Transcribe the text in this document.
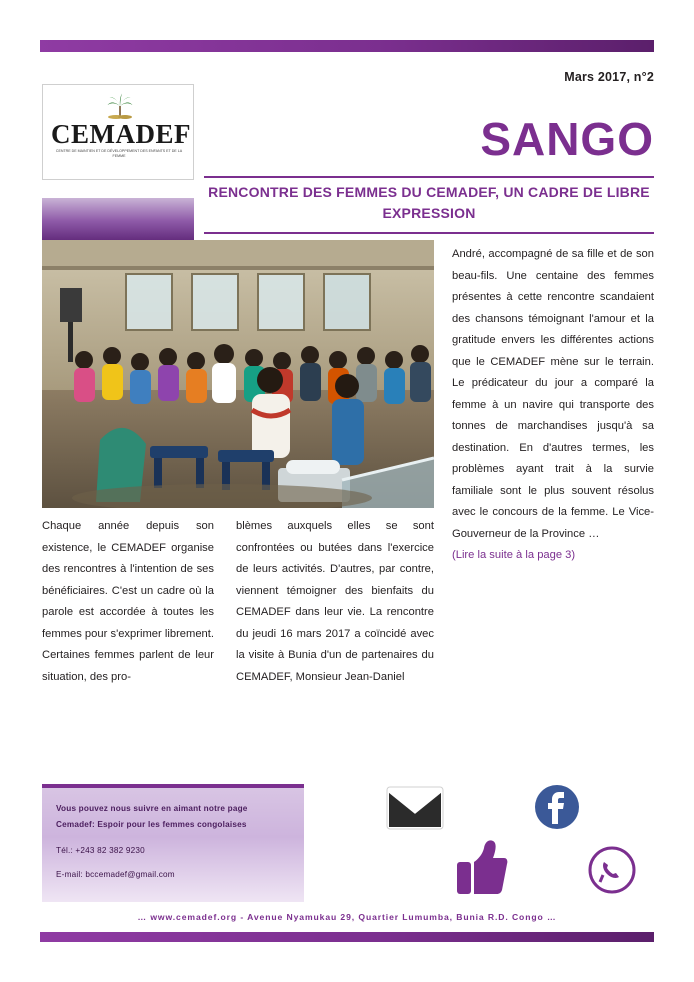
Mars 2017, n°2
CEMADEF
CENTRE DE MAINTIEN ET DE DÉVELOPPEMENT DES ENFANTS ET DE LA FEMME	SANGO
RENCONTRE DES FEMMES DU CEMADEF, UN CADRE DE LIBRE EXPRESSION
Chaque année depuis son existence, le CEMADEF organise des rencontres à l'intention de ses bénéficiaires. C'est un cadre où la parole est accordée à toutes les femmes pour s'exprimer librement. Certaines femmes parlent de leur situation, des pro-
blèmes auxquels elles se sont confrontées ou butées dans l'exercice de leurs activités. D'autres, par contre, viennent témoigner des bienfaits du CEMADEF dans leur vie. La rencontre du jeudi 16 mars 2017 a coïncidé avec la visite à Bunia d'un de partenaires du CEMADEF, Monsieur Jean-Daniel
André, accompagné de sa fille et de son beau-fils. Une centaine des femmes présentes à cette rencontre scandaient des chansons témoignant l'amour et la gratitude envers les différentes actions que le CEMADEF mène sur le terrain. Le prédicateur du jour a comparé la femme à un navire qui transporte des tonnes de marchandises jusqu'à sa destination. En d'autres termes, les problèmes ayant trait à la survie familiale sont le plus souvent résolus avec le concours de la femme. Le Vice-Gouverneur de la Province …
(Lire la suite à la page 3)
Vous pouvez nous suivre en aimant notre page
Cemadef: Espoir pour les femmes congolaises
Tél.: +243 82 382 9230
E-mail: bccemadef@gmail.com
… www.cemadef.org - Avenue Nyamukau 29, Quartier Lumumba, Bunia R.D. Congo …
